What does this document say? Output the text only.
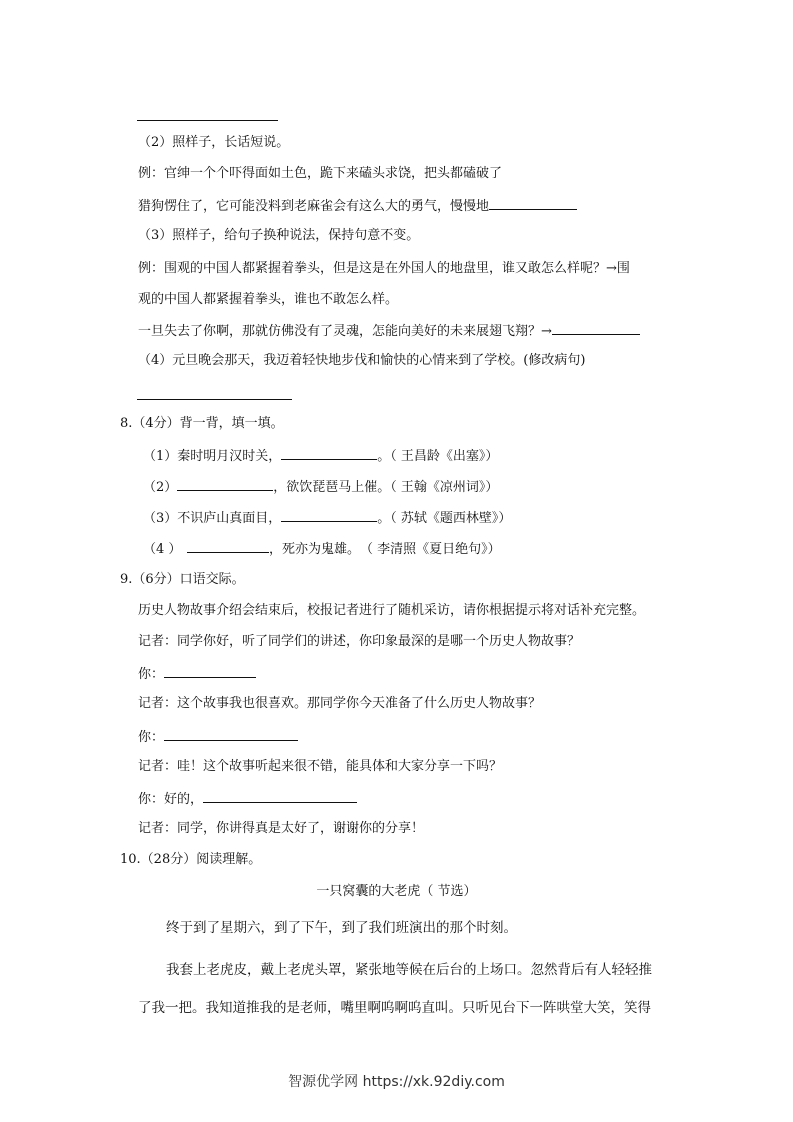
（2）照样子，长话短说。
例：官绅一个个吓得面如土色，跪下来磕头求饶，把头都磕破了
猎狗愣住了，它可能没料到老麻雀会有这么大的勇气，慢慢地
（3）照样子，给句子换种说法，保持句意不变。
例：围观的中国人都紧握着拳头，但是这是在外国人的地盘里，谁又敢怎么样呢？→围
观的中国人都紧握着拳头，谁也不敢怎么样。
一旦失去了你啊，那就仿佛没有了灵魂，怎能向美好的未来展翅飞翔？→
（4）元旦晚会那天，我迈着轻快地步伐和愉快的心情来到了学校。(修改病句)
8.（4分）背一背，填一填。
（1）秦时明月汉时关，	。（ 王昌龄《出塞》）
（2）	，欲饮琵琶马上催。（ 王翰《凉州词》）
（3）不识庐山真面目，	。（ 苏轼《题西林壁》）
（4 ）	，死亦为鬼雄。　（ 李清照《夏日绝句》）
9.（6分）口语交际。
历史人物故事介绍会结束后，校报记者进行了随机采访，请你根据提示将对话补充完整。
记者：同学你好，听了同学们的讲述，你印象最深的是哪一个历史人物故事？
你：
记者：这个故事我也很喜欢。那同学你今天准备了什么历史人物故事？
你：
记者：哇！这个故事听起来很不错，能具体和大家分享一下吗？
你：好的，
记者：同学，你讲得真是太好了，谢谢你的分享！
10.（28分）阅读理解。
一只窝囊的大老虎（ 节选）
终于到了星期六，到了下午，到了我们班演出的那个时刻。
我套上老虎皮，戴上老虎头罩，紧张地等候在后台的上场口。忽然背后有人轻轻推
了我一把。我知道推我的是老师，嘴里啊呜啊呜直叫。只听见台下一阵哄堂大笑，笑得
智源优学网 https://xk.92diy.com
